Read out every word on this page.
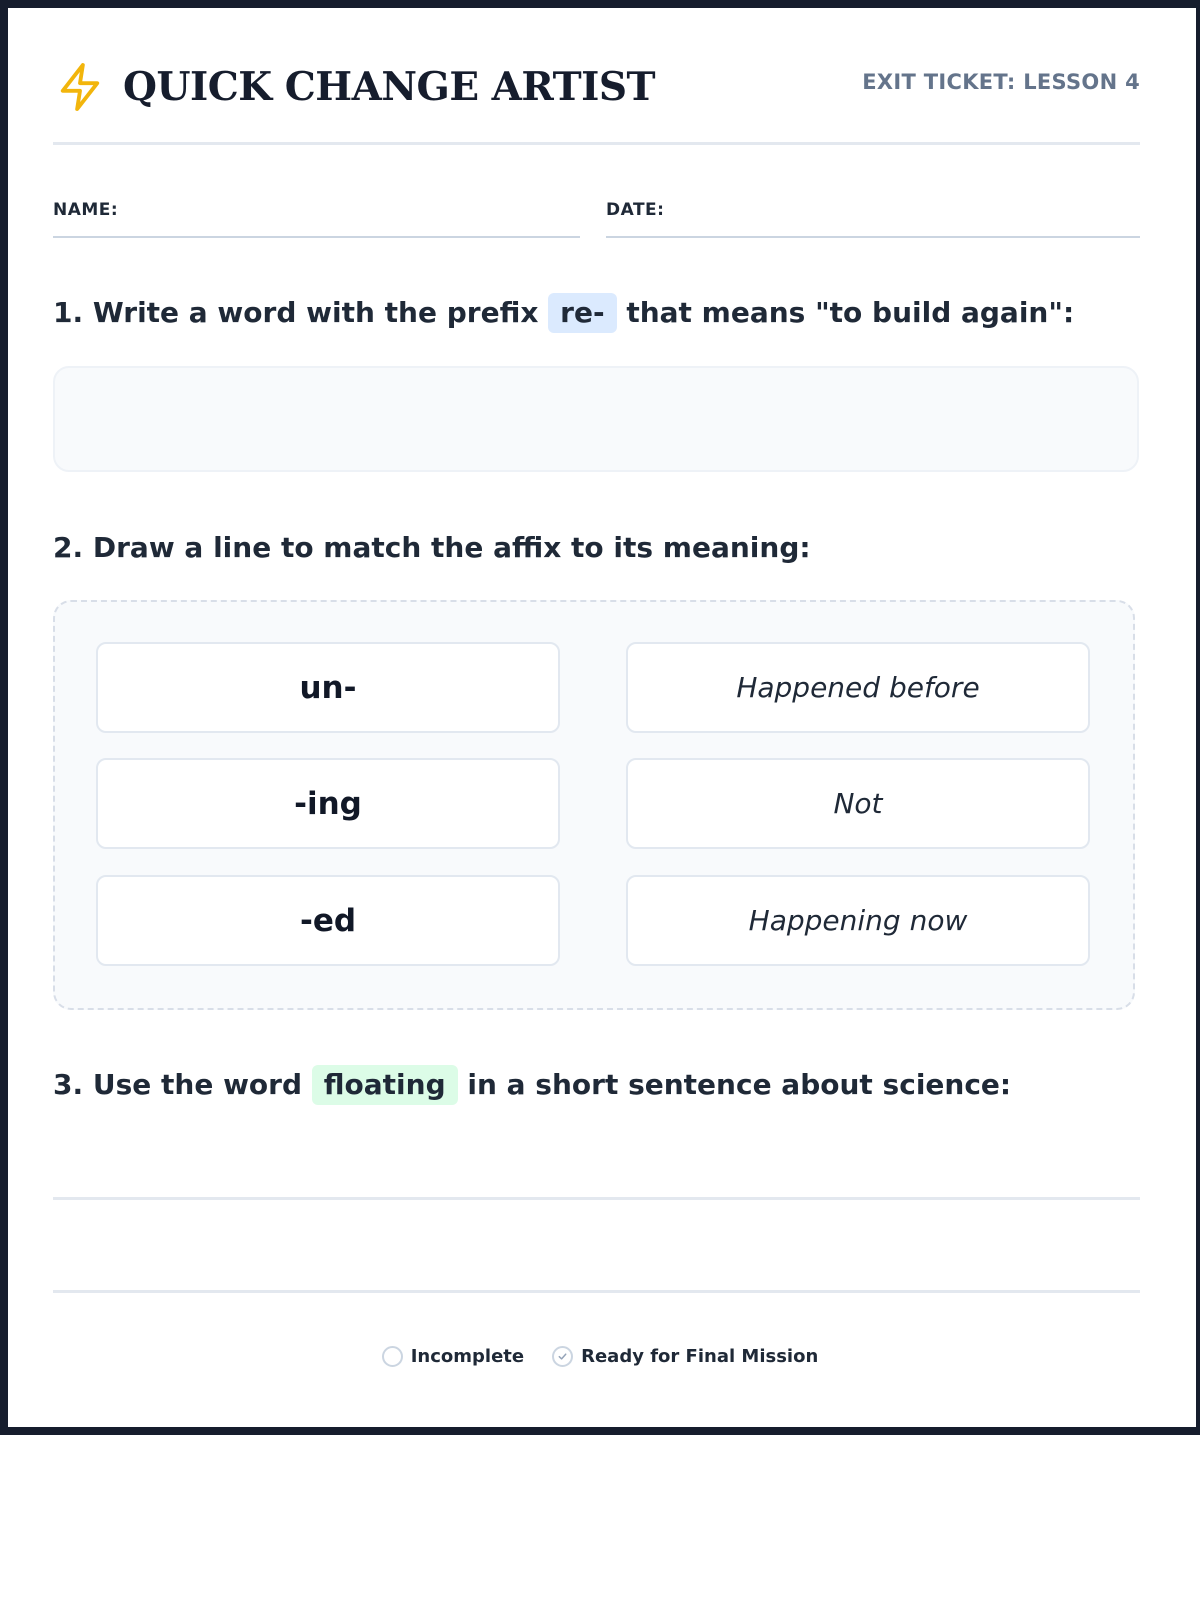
QUICK CHANGE ARTIST	EXIT TICKET: LESSON 4
NAME:	DATE:
1. Write a word with the prefix re- that means "to build again":
2. Draw a line to match the affix to its meaning:
un-	Happened before
-ing	Not
-ed	Happening now
3. Use the word floating in a short sentence about science:
Incomplete	Ready for Final Mission
